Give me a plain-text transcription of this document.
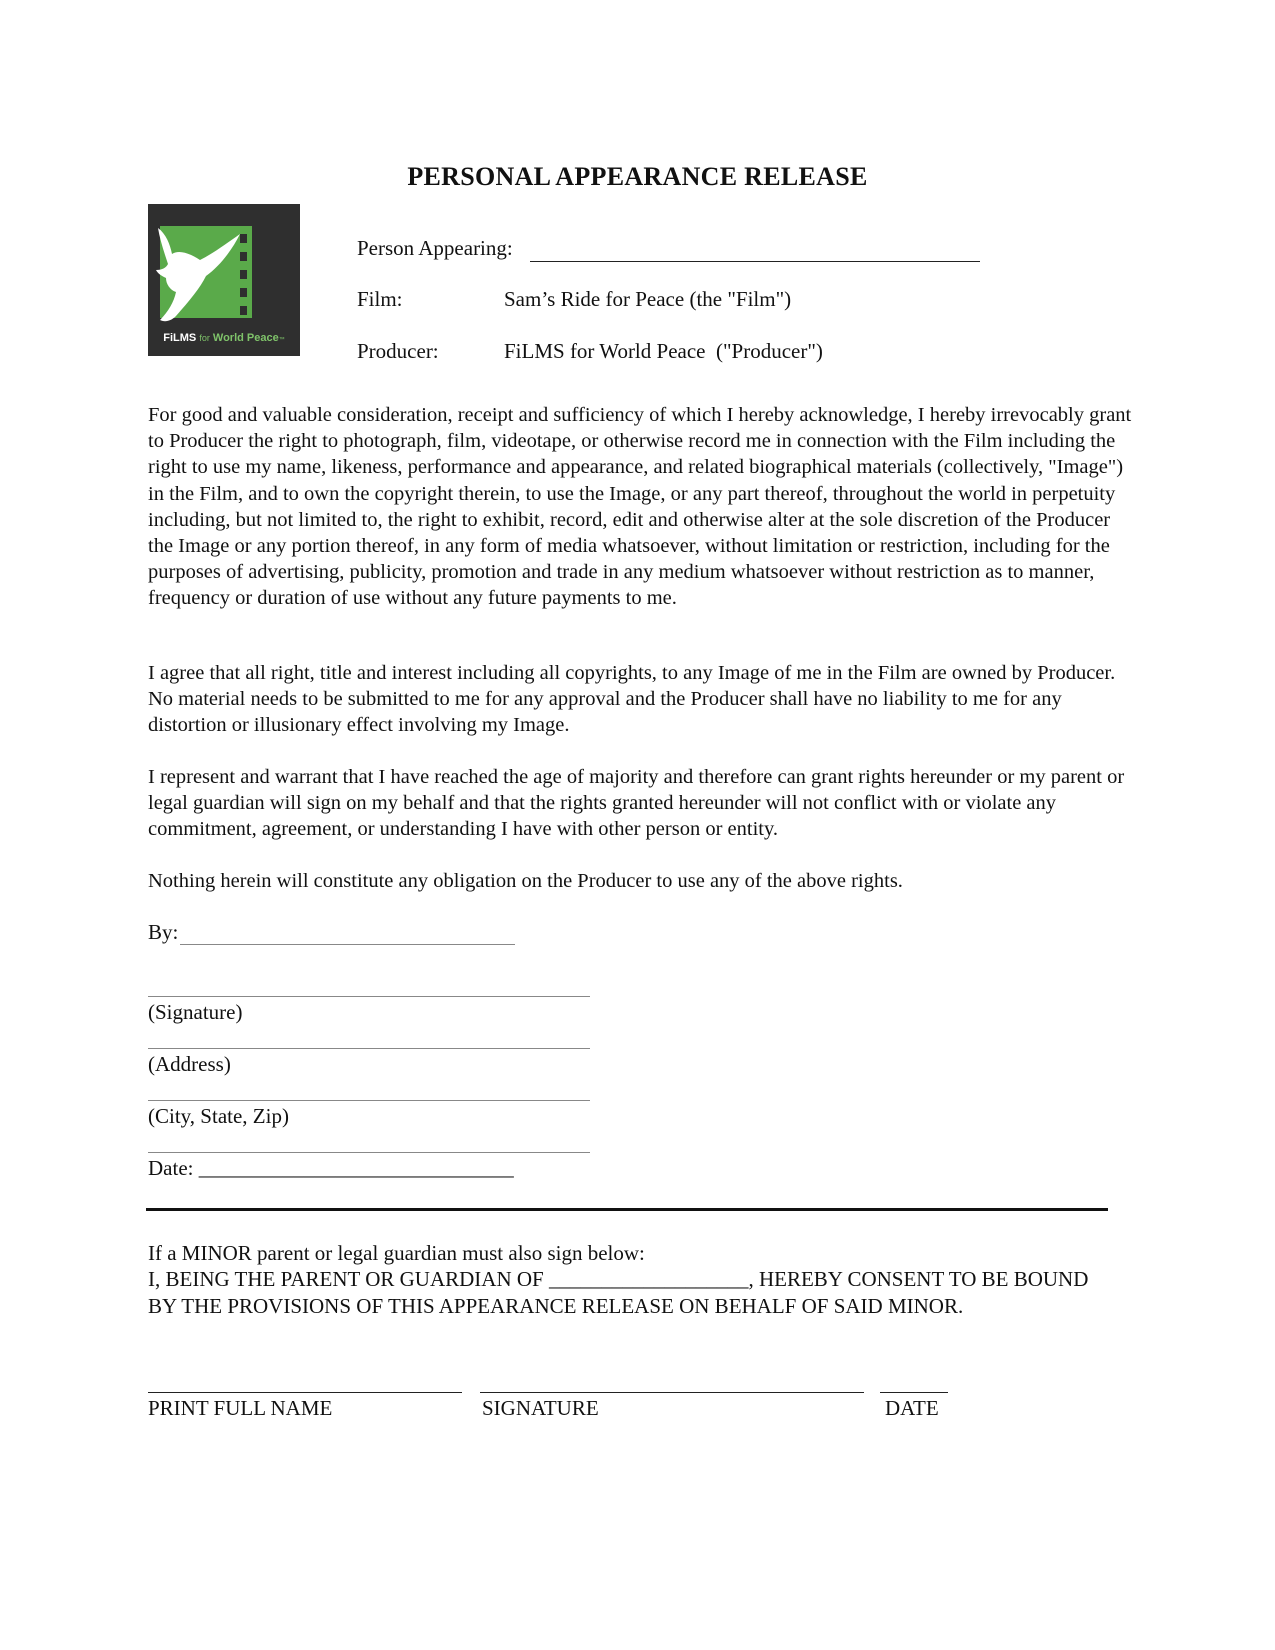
PERSONAL APPEARANCE RELEASE
FiLMS for World Peace™
Person Appearing:
Film:	Sam’s Ride for Peace (the "Film")
Producer:	FiLMS for World Peace  ("Producer")
For good and valuable consideration, receipt and sufficiency of which I hereby acknowledge, I hereby irrevocably grant to Producer the right to photograph, film, videotape, or otherwise record me in connection with the Film including the right to use my name, likeness, performance and appearance, and related biographical materials (collectively, "Image") in the Film, and to own the copyright therein, to use the Image, or any part thereof, throughout the world in perpetuity including, but not limited to, the right to exhibit, record, edit and otherwise alter at the sole discretion of the Producer the Image or any portion thereof, in any form of media whatsoever, without limitation or restriction, including for the purposes of advertising, publicity, promotion and trade in any medium whatsoever without restriction as to manner, frequency or duration of use without any future payments to me.
I agree that all right, title and interest including all copyrights, to any Image of me in the Film are owned by Producer. No material needs to be submitted to me for any approval and the Producer shall have no liability to me for any distortion or illusionary effect involving my Image.
I represent and warrant that I have reached the age of majority and therefore can grant rights hereunder or my parent or legal guardian will sign on my behalf and that the rights granted hereunder will not conflict with or violate any commitment, agreement, or understanding I have with other person or entity.
Nothing herein will constitute any obligation on the Producer to use any of the above rights.
By:
(Signature)
(Address)
(City, State, Zip)
Date: ______________________________
If a MINOR parent or legal guardian must also sign below:
I, BEING THE PARENT OR GUARDIAN OF ___________________, HEREBY CONSENT TO BE BOUND BY THE PROVISIONS OF THIS APPEARANCE RELEASE ON BEHALF OF SAID MINOR.
PRINT FULL NAME	SIGNATURE	DATE
